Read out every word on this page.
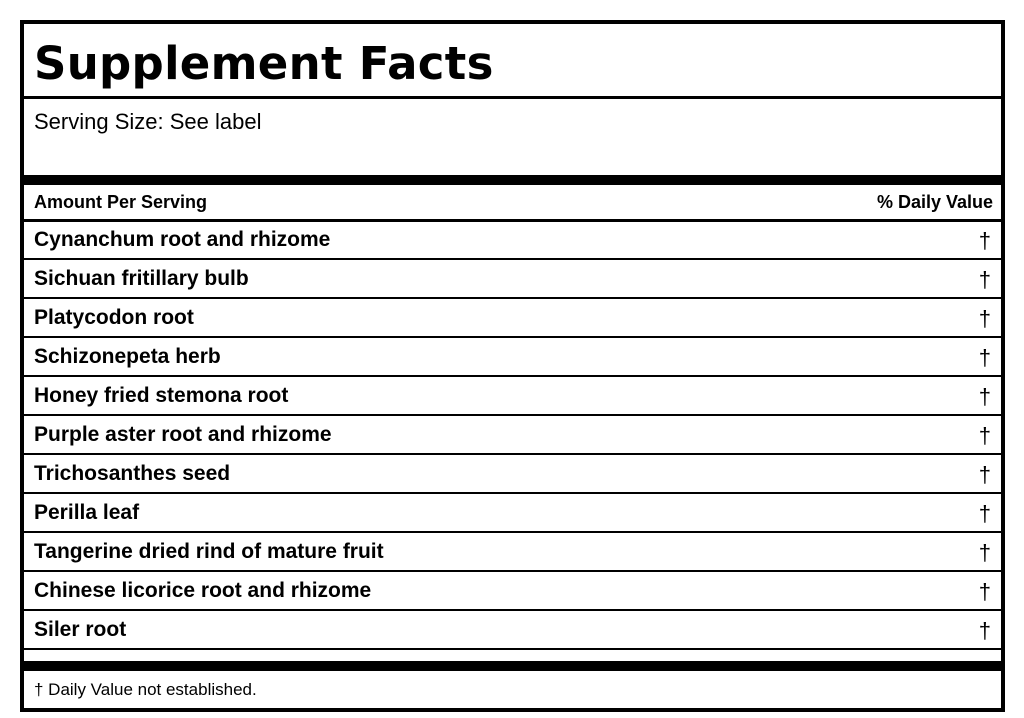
Supplement Facts
Serving Size: See label
Amount Per Serving	% Daily Value
Cynanchum root and rhizome	†
Sichuan fritillary bulb	†
Platycodon root	†
Schizonepeta herb	†
Honey fried stemona root	†
Purple aster root and rhizome	†
Trichosanthes seed	†
Perilla leaf	†
Tangerine dried rind of mature fruit	†
Chinese licorice root and rhizome	†
Siler root	†
† Daily Value not established.
